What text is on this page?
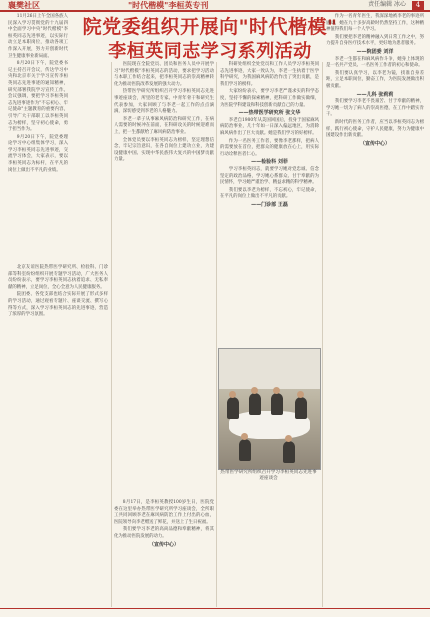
襄樊社区	"时代楷模"李桓英专刊	责任编辑 冰心	4
院党委组织开展向"时代楷模"
李桓英同志学习系列活动

11月26日上午全国各族人民深入学习贯彻党的十九届四中全面学习中央"时代楷模"李桓英同志先进事迹，以实际行动立足本职岗位，推动各项工作深入开展，努力开创新时代卫生健康事业新局面。

8月20日下午，院党委书记主持召开会议，传达学习中央和北京市关于学习宣传李桓英同志先进事迹的通知精神，研究部署我院学习宣传工作。会议强调，要把学习李桓英同志先进事迹作为"不忘初心、牢记使命"主题教育的重要内容，引导广大干部职工以李桓英同志为榜样，坚守初心使命，勇于担当作为。

9月20日下午，院党委理论学习中心组集体学习，深入学习李桓英同志先进事迹，交流学习体会，大家表示，要以李桓英同志为标杆，在平凡的岗位上做出不平凡的业绩。

北京友谊医院热带医学研究所、检验科、门诊部等科室纷纷组织开展专题学习活动，广大医务人员纷纷表示，要学习李桓英同志执着追求、无私奉献的精神，立足岗位，全心全意为人民健康服务。

院团委、各党支部也结合实际开展了形式多样的学习活动，通过观看专题片、座谈交流、撰写心得等方式，深入学习李桓英同志的先进事迹，营造了浓厚的学习氛围。

医院现在全院党员、团员和医务人员中开展学习"时代楷模"李桓英同志的活动，要求把学习活动与本职工作结合起来，把李桓英同志的崇高精神转化为推动医院改革发展的强大动力。

热带医学研究所组织召开学习李桓英同志先进事迹座谈会，所里的老专家、中青年骨干和研究生代表参加，大家回顾了与李老一起工作的点点滴滴，深切感受到李老的人格魅力。

李老一辈子从事麻风病防治和研究工作，在病人需要的时候冲在前面，在科研攻关的时候迎难而上，把一生都献给了麻风病防治事业。

全体党员要以李桓英同志为榜样，坚定理想信念，牢记宗旨意识，在各自岗位上建功立业，为建设健康中国、实现中华民族伟大复兴的中国梦贡献力量。

科研处组织全处党员和工作人员学习李桓英同志先进事迹，大家一致认为，李老一生执着于医学科学研究，为我国麻风病防治作出了突出贡献，是我们学习的榜样。

大家纷纷表示，要学习李老严谨求实的科学态度，坚持不懈的探索精神，把科研工作做实做细，为医院学科建设和科技创新贡献自己的力量。

——热带医学研究所 张文华

李老自1980年从美国回国后，投身于国家麻风病防治事业，几十年如一日深入偏远地区，为消除麻风病作出了巨大贡献。她是我们学习的好榜样。

作为一名医务工作者，要像李老那样，把病人的需要放在首位，把群众的健康放在心上，用实际行动诠释医者仁心。

——检验科 刘菲

学习李桓英同志，就要学习她对党忠诚、信念坚定的政治品格，学习她心系群众、甘于奉献的为民情怀，学习她严谨治学、精益求精的科学精神。

我们要以李老为榜样，不忘初心，牢记使命，在平凡的岗位上做出不平凡的贡献。

——门诊部 王磊

作为一名青年医生，我深深地被李老的事迹所感动，她在九十多岁高龄时仍然坚持工作，这种精神值得我们每一个人学习。

我们要把李老的精神融入到日常工作之中，努力提升自身医疗技术水平，更好地为患者服务。

——院团委 刘洋

李老一生都在和麻风病作斗争，她身上体现的是一名共产党员、一名医务工作者的初心和使命。

我们要认真学习，以李老为镜，找准自身差距，立足本职岗位，勤奋工作，为医院发展做出积极贡献。

——儿科 张莉莉

我们要学习李老不畏艰苦、甘于奉献的精神，学习她一切为了病人的崇高医德，在工作中踏实肯干。

新时代的医务工作者，应当以李桓英同志为榜样，践行初心使命，守护人民健康，努力为健康中国建设作出新贡献。

（宣传中心）

热带医学研究所组织召开学习李桓英同志先进事迹座谈会

8月17日，是李桓英教授100岁生日，医院党委在这里举办热带医学研究所学习座谈会，全所职工共同回顾李老在麻风病防治工作上付出的心血，医院领导向李老赠送了鲜花，并送上了生日祝福。

我们要学习李老的高尚品德和奉献精神，将其化为推动医院发展的动力。

（宣传中心）
